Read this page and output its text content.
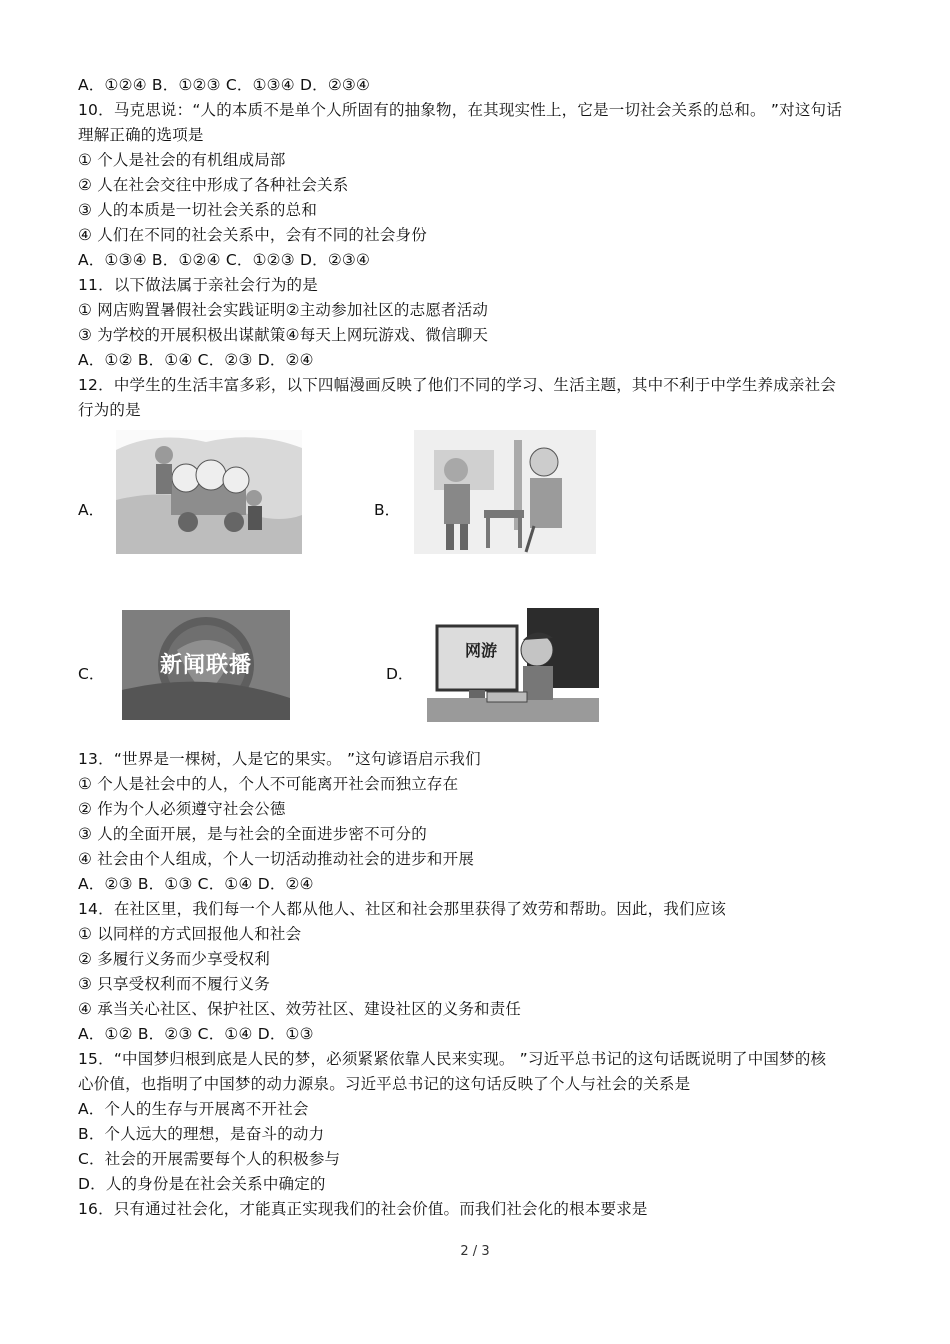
A．①②④ B．①②③ C．①③④ D．②③④
10．马克思说：“人的本质不是单个人所固有的抽象物，在其现实性上，它是一切社会关系的总和。 ”对这句话
理解正确的选项是
① 个人是社会的有机组成局部
② 人在社会交往中形成了各种社会关系
③ 人的本质是一切社会关系的总和
④ 人们在不同的社会关系中，会有不同的社会身份
A．①③④ B．①②④ C．①②③ D．②③④
11．以下做法属于亲社会行为的是
① 网店购置暑假社会实践证明②主动参加社区的志愿者活动
③ 为学校的开展积极出谋献策④每天上网玩游戏、微信聊天
A．①② B．①④ C．②③ D．②④
12．中学生的生活丰富多彩，以下四幅漫画反映了他们不同的学习、生活主题，其中不利于中学生养成亲社会
行为的是
A．	B．
C．	新闻联播	D．
网游
13．“世界是一棵树，人是它的果实。 ”这句谚语启示我们
① 个人是社会中的人，个人不可能离开社会而独立存在
② 作为个人必须遵守社会公德
③ 人的全面开展，是与社会的全面进步密不可分的
④ 社会由个人组成，个人一切活动推动社会的进步和开展
A．②③ B．①③ C．①④ D．②④
14．在社区里，我们每一个人都从他人、社区和社会那里获得了效劳和帮助。因此，我们应该
① 以同样的方式回报他人和社会
② 多履行义务而少享受权利
③ 只享受权利而不履行义务
④ 承当关心社区、保护社区、效劳社区、建设社区的义务和责任
A．①② B．②③ C．①④ D．①③
15．“中国梦归根到底是人民的梦，必须紧紧依靠人民来实现。 ”习近平总书记的这句话既说明了中国梦的核
心价值，也指明了中国梦的动力源泉。习近平总书记的这句话反映了个人与社会的关系是
A．个人的生存与开展离不开社会
B．个人远大的理想，是奋斗的动力
C．社会的开展需要每个人的积极参与
D．人的身份是在社会关系中确定的
16．只有通过社会化，才能真正实现我们的社会价值。而我们社会化的根本要求是
2 / 3
